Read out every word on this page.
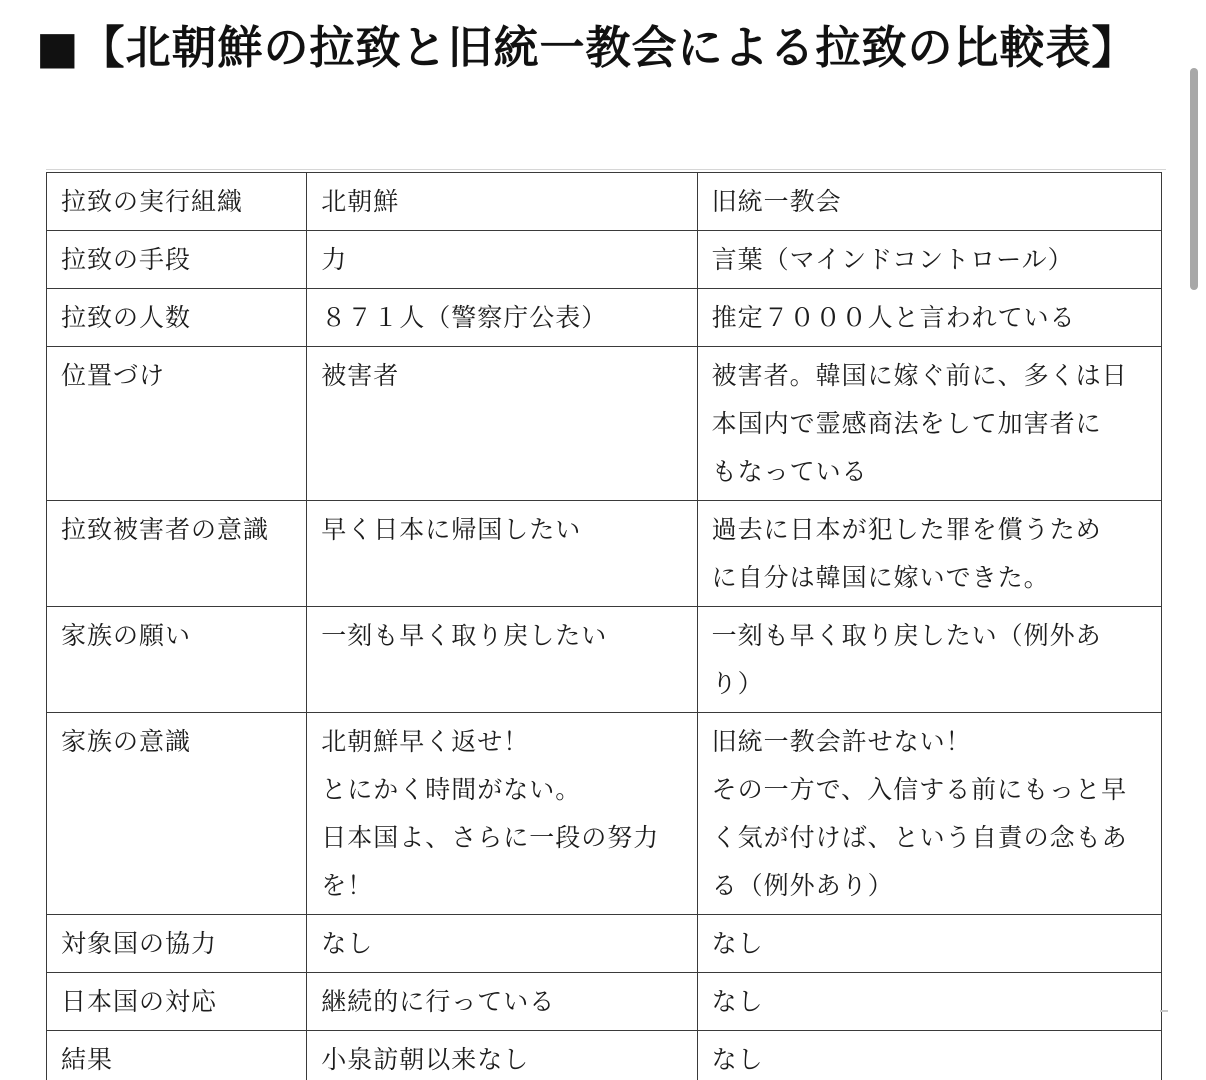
■【北朝鮮の拉致と旧統一教会による拉致の比較表】
拉致の実行組織	北朝鮮	旧統一教会

拉致の手段	力	言葉（マインドコントロール）

拉致の人数	８７１人（警察庁公表）	推定７０００人と言われている

位置づけ	被害者	被害者。韓国に嫁ぐ前に、多くは日
本国内で霊感商法をして加害者に
もなっている

拉致被害者の意識	早く日本に帰国したい	過去に日本が犯した罪を償うため
に自分は韓国に嫁いできた。

家族の願い	一刻も早く取り戻したい	一刻も早く取り戻したい（例外あ
り）

家族の意識	北朝鮮早く返せ！
とにかく時間がない。
日本国よ、さらに一段の努力
を！	旧統一教会許せない！
その一方で、入信する前にもっと早
く気が付けば、という自責の念もあ
る（例外あり）

対象国の協力	なし	なし

日本国の対応	継続的に行っている	なし

結果	小泉訪朝以来なし	なし
